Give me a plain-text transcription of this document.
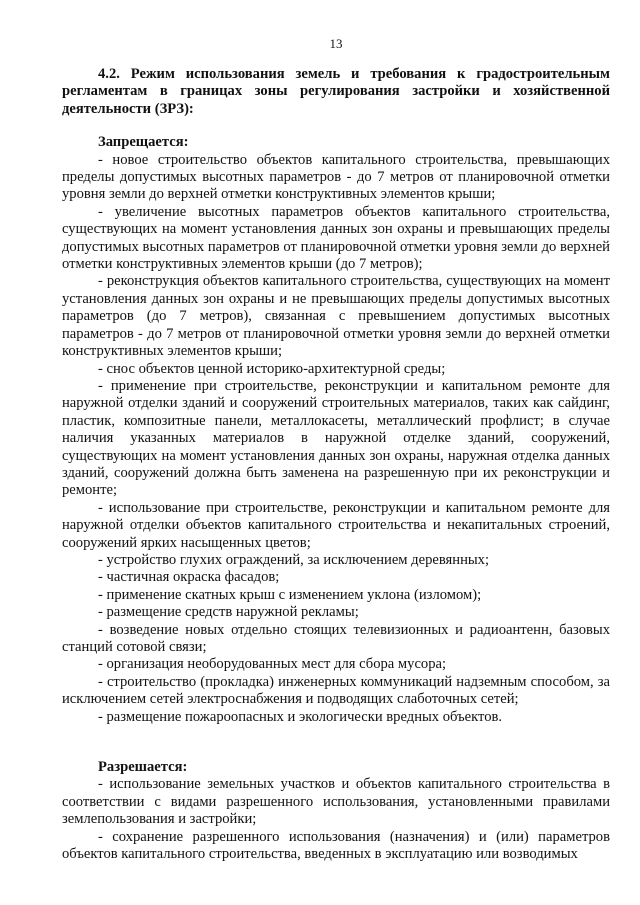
13
4.2. Режим использования земель и требования к градостроительным регламентам в границах зоны регулирования застройки и хозяйственной деятельности (ЗРЗ):
Запрещается:

- новое строительство объектов капитального строительства, превышающих пределы допустимых высотных параметров - до 7 метров от планировочной отметки уровня земли до верхней отметки конструктивных элементов крыши;

- увеличение высотных параметров объектов капитального строительства, существующих на момент установления данных зон охраны и превышающих пределы допустимых высотных параметров от планировочной отметки уровня земли до верхней отметки конструктивных элементов крыши (до 7 метров);

- реконструкция объектов капитального строительства, существующих на момент установления данных зон охраны и не превышающих пределы допустимых высотных параметров (до 7 метров), связанная с превышением допустимых высотных параметров - до 7 метров от планировочной отметки уровня земли до верхней отметки конструктивных элементов крыши;

- снос объектов ценной историко-архитектурной среды;

- применение при строительстве, реконструкции и капитальном ремонте для наружной отделки зданий и сооружений строительных материалов, таких как сайдинг, пластик, композитные панели, металлокасеты, металлический профлист; в случае наличия указанных материалов в наружной отделке зданий, сооружений, существующих на момент установления данных зон охраны, наружная отделка данных зданий, сооружений должна быть заменена на разрешенную при их реконструкции и ремонте;

- использование при строительстве, реконструкции и капитальном ремонте для наружной отделки объектов капитального строительства и некапитальных строений, сооружений ярких насыщенных цветов;

- устройство глухих ограждений, за исключением деревянных;

- частичная окраска фасадов;

- применение скатных крыш с изменением уклона (изломом);

- размещение средств наружной рекламы;

- возведение новых отдельно стоящих телевизионных и радиоантенн, базовых станций сотовой связи;

- организация необорудованных мест для сбора мусора;

- строительство (прокладка) инженерных коммуникаций надземным способом, за исключением сетей электроснабжения и подводящих слаботочных сетей;

- размещение пожароопасных и экологически вредных объектов.

Разрешается:

- использование земельных участков и объектов капитального строительства в соответствии с видами разрешенного использования, установленными правилами землепользования и застройки;

- сохранение разрешенного использования (назначения) и (или) параметров объектов капитального строительства, введенных в эксплуатацию или возводимых
